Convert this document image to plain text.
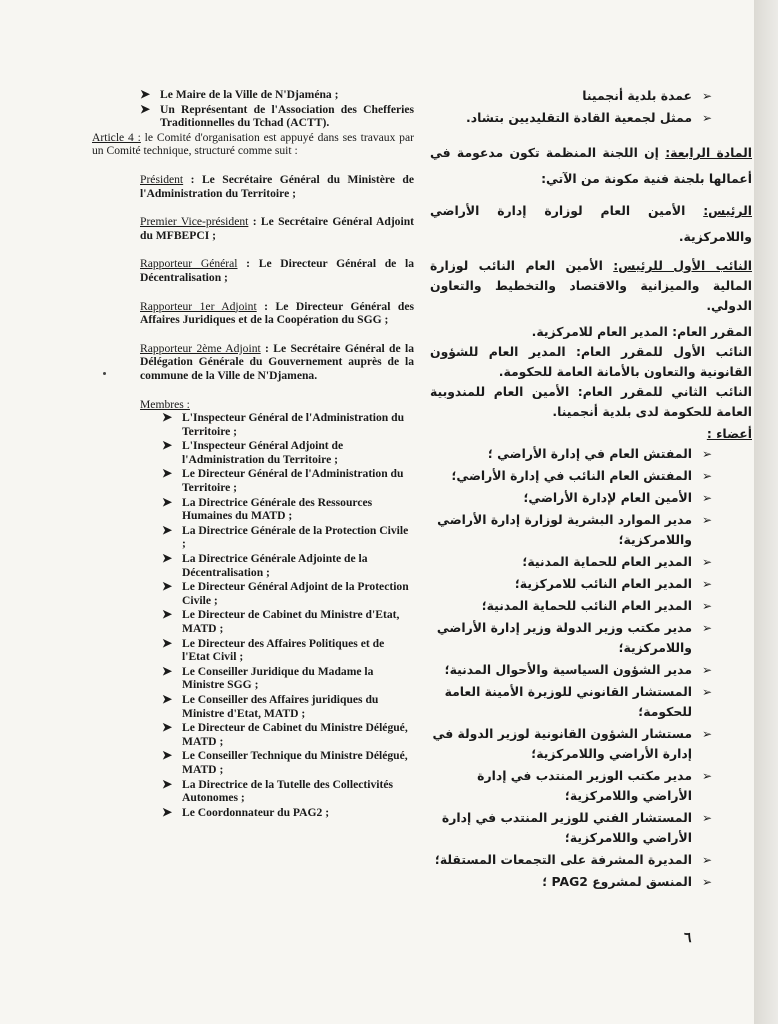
➤ Le Maire de la Ville de N'Djaména ;
➤ Un Représentant de l'Association des Chefferies Traditionnelles du Tchad (ACTT).
Article 4 : le Comité d'organisation est appuyé dans ses travaux par un Comité technique, structuré comme suit :
Président : Le Secrétaire Général du Ministère de l'Administration du Territoire ;
Premier Vice-président : Le Secrétaire Général Adjoint du MFBEPCI ;
Rapporteur Général : Le Directeur Général de la Décentralisation ;
Rapporteur 1er Adjoint : Le Directeur Général des Affaires Juridiques et de la Coopération du SGG ;
Rapporteur 2ème Adjoint : Le Secrétaire Général de la Délégation Générale du Gouvernement auprès de la commune de la Ville de N'Djamena.
Membres :
➤ L'Inspecteur Général de l'Administration du Territoire ;
➤ L'Inspecteur Général Adjoint de l'Administration du Territoire ;
➤ Le Directeur Général de l'Administration du Territoire ;
➤ La Directrice Générale des Ressources Humaines du MATD ;
➤ La Directrice Générale de la Protection Civile ;
➤ La Directrice Générale Adjointe de la Décentralisation ;
➤ Le Directeur Général Adjoint de la Protection Civile ;
➤ Le Directeur de Cabinet du Ministre d'Etat, MATD ;
➤ Le Directeur des Affaires Politiques et de l'Etat Civil ;
➤ Le Conseiller Juridique du Madame la Ministre SGG ;
➤ Le Conseiller des Affaires juridiques du Ministre d'Etat, MATD ;
➤ Le Directeur de Cabinet du Ministre Délégué, MATD ;
➤ Le Conseiller Technique du Ministre Délégué, MATD ;
➤ La Directrice de la Tutelle des Collectivités Autonomes ;
➤ Le Coordonnateur du PAG2 ;
➢
عمدة بلدية أنجمينا
➢
ممثل لجمعية القادة التقليديين بتشاد.
المادة الرابعة: إن اللجنة المنظمة تكون مدعومة في أعمالها بلجنة فنية مكونة من الآتي:
الرئيس: الأمين العام لوزارة إدارة الأراضي واللامركزية.
النائب الأول للرئيس: الأمين العام النائب لوزارة المالية والميزانية والاقتصاد والتخطيط والتعاون الدولي.
المقرر العام: المدير العام للامركزية.
النائب الأول للمقرر العام: المدير العام للشؤون القانونية والتعاون بالأمانة العامة للحكومة.
النائب الثاني للمقرر العام: الأمين العام للمندوبية العامة للحكومة لدى بلدية أنجمينا.
أعضاء :
➢
المفتش العام في إدارة الأراضي ؛
➢
المفتش العام النائب في إدارة الأراضي؛
➢
الأمين العام لإدارة الأراضي؛
➢
مدير الموارد البشرية لوزارة إدارة الأراضي واللامركزية؛
➢
المدير العام للحماية المدنية؛
➢
المدير العام النائب للامركزية؛
➢
المدير العام النائب للحماية المدنية؛
➢
مدير مكتب وزير الدولة وزير إدارة الأراضي واللامركزية؛
➢
مدير الشؤون السياسية والأحوال المدنية؛
➢
المستشار القانوني للوزيرة الأمينة العامة للحكومة؛
➢
مستشار الشؤون القانونية لوزير الدولة في إدارة الأراضي واللامركزية؛
➢
مدير مكتب الوزير المنتدب في إدارة الأراضي واللامركزية؛
➢
المستشار الفني للوزير المنتدب في إدارة الأراضي واللامركزية؛
➢
المديرة المشرفة على التجمعات المستقلة؛
➢
المنسق لمشروع PAG2 ؛
٦
